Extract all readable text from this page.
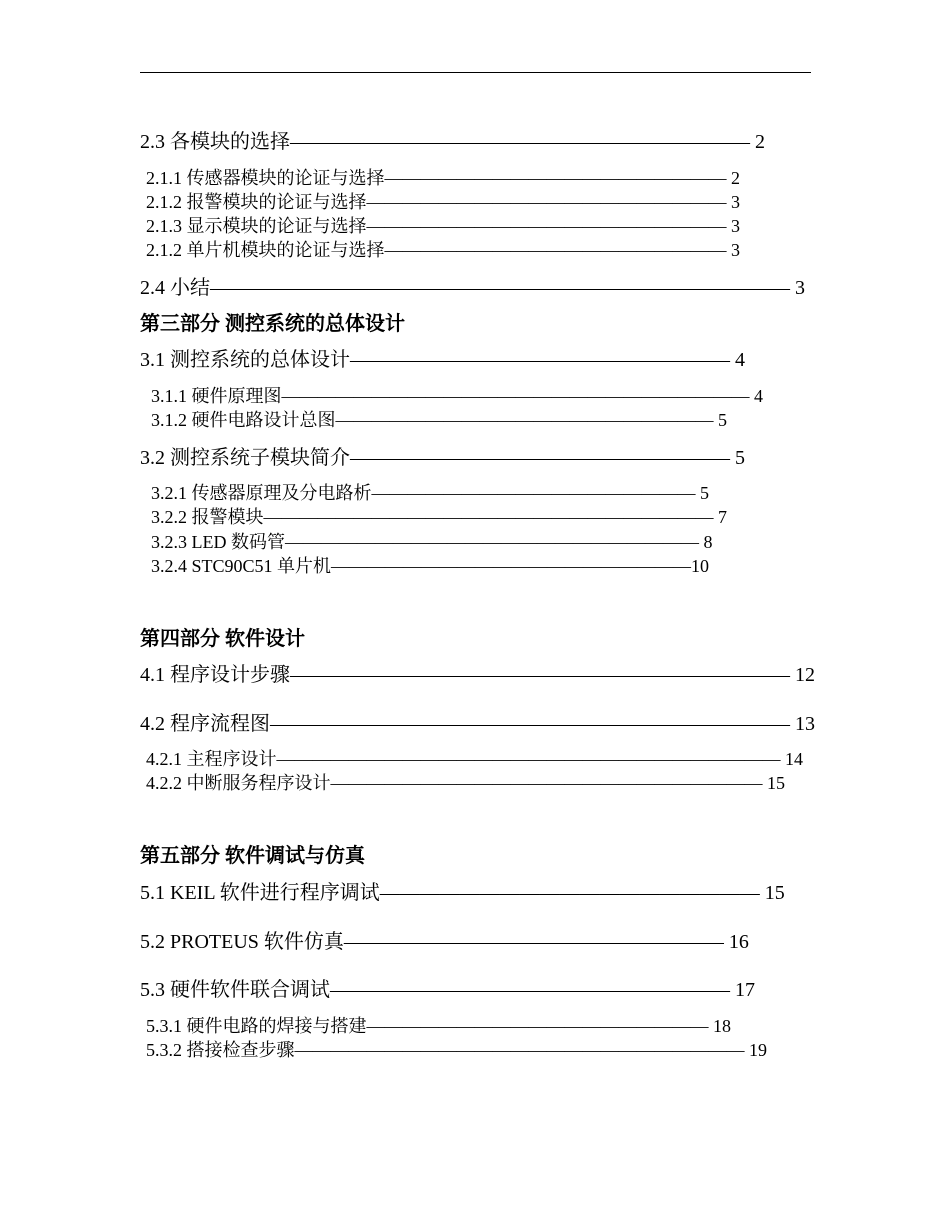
2.3 各模块的选择——————————————————————— 2
2.1.1 传感器模块的论证与选择——————————————————— 2
2.1.2 报警模块的论证与选择———————————————————— 3
2.1.3 显示模块的论证与选择———————————————————— 3
2.1.2 单片机模块的论证与选择——————————————————— 3
2.4 小结————————————————————————————— 3
第三部分 测控系统的总体设计
3.1 测控系统的总体设计——————————————————— 4
3.1.1 硬件原理图—————————————————————————— 4
3.1.2 硬件电路设计总图————————————————————— 5
3.2 测控系统子模块简介——————————————————— 5
3.2.1 传感器原理及分电路析—————————————————— 5
3.2.2 报警模块————————————————————————— 7
3.2.3 LED 数码管——————————————————————— 8
3.2.4 STC90C51 单片机————————————————————10
第四部分 软件设计
4.1 程序设计步骤————————————————————————— 12
4.2 程序流程图—————————————————————————— 13
4.2.1 主程序设计———————————————————————————— 14
4.2.2 中断服务程序设计———————————————————————— 15
第五部分 软件调试与仿真
5.1 KEIL 软件进行程序调试——————————————————— 15
5.2 PROTEUS 软件仿真——————————————————— 16
5.3 硬件软件联合调试———————————————————— 17
5.3.1 硬件电路的焊接与搭建——————————————————— 18
5.3.2 搭接检查步骤————————————————————————— 19
